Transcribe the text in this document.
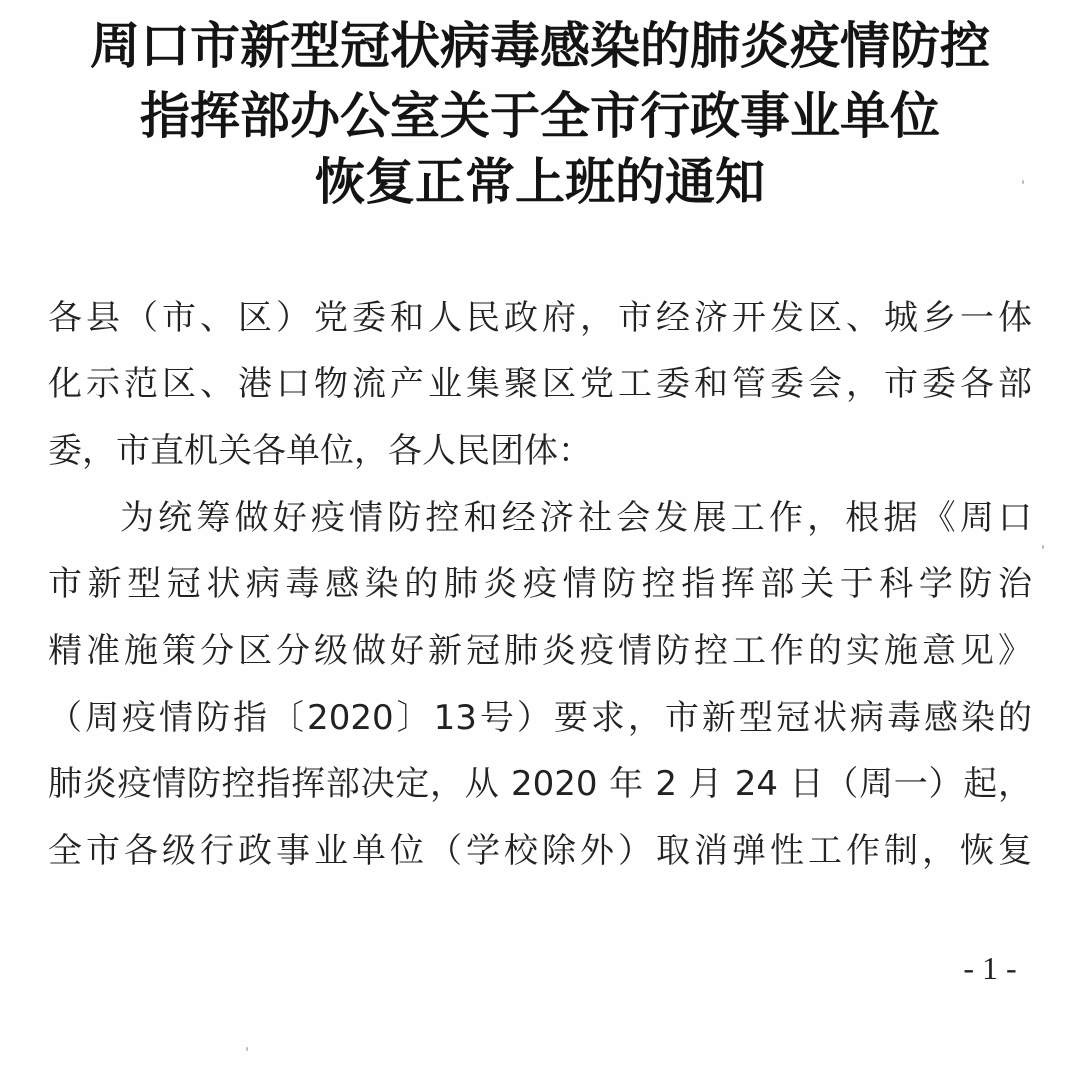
周口市新型冠状病毒感染的肺炎疫情防控
指挥部办公室关于全市行政事业单位
恢复正常上班的通知
各县（市、区）党委和人民政府，市经济开发区、城乡一体
化示范区、港口物流产业集聚区党工委和管委会，市委各部
委，市直机关各单位，各人民团体：
为统筹做好疫情防控和经济社会发展工作，根据《周口
市新型冠状病毒感染的肺炎疫情防控指挥部关于科学防治
精准施策分区分级做好新冠肺炎疫情防控工作的实施意见》
（周疫情防指〔2020〕13号）要求，市新型冠状病毒感染的
肺炎疫情防控指挥部决定，从 2020 年 2 月 24 日（周一）起，
全市各级行政事业单位（学校除外）取消弹性工作制，恢复
- 1 -
